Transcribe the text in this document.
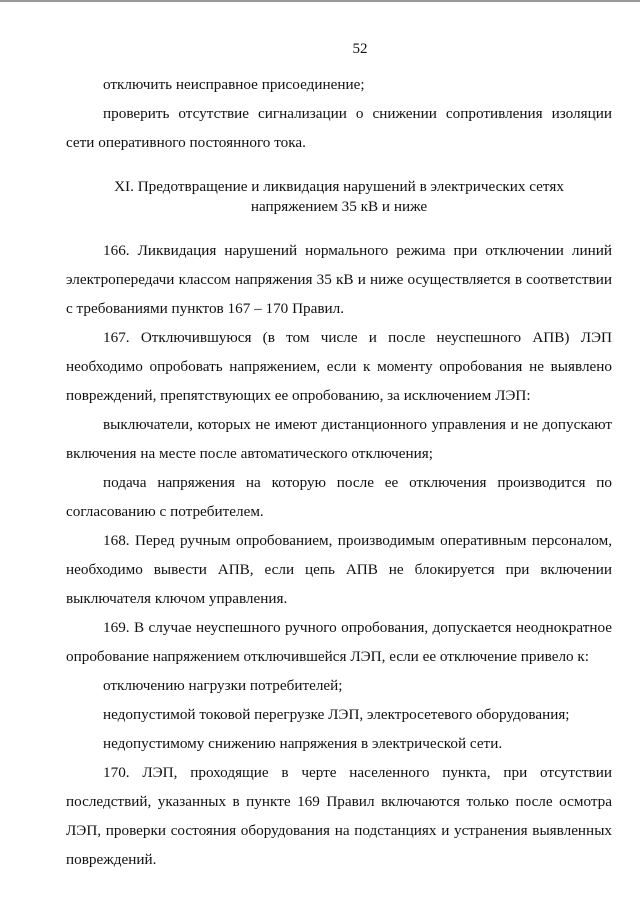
52

отключить неисправное присоединение;

проверить отсутствие сигнализации о снижении сопротивления изоляции сети оперативного постоянного тока.

XI. Предотвращение и ликвидация нарушений в электрических сетях
напряжением 35 кВ и ниже

166. Ликвидация нарушений нормального режима при отключении линий электропередачи классом напряжения 35 кВ и ниже осуществляется в соответствии с требованиями пунктов 167 – 170 Правил.

167. Отключившуюся (в том числе и после неуспешного АПВ) ЛЭП необходимо опробовать напряжением, если к моменту опробования не выявлено повреждений, препятствующих ее опробованию, за исключением ЛЭП:

выключатели, которых не имеют дистанционного управления и не допускают включения на месте после автоматического отключения;

подача напряжения на которую после ее отключения производится по согласованию с потребителем.

168. Перед ручным опробованием, производимым оперативным персоналом, необходимо вывести АПВ, если цепь АПВ не блокируется при включении выключателя ключом управления.

169. В случае неуспешного ручного опробования, допускается неоднократное опробование напряжением отключившейся ЛЭП, если ее отключение привело к:

отключению нагрузки потребителей;

недопустимой токовой перегрузке ЛЭП, электросетевого оборудования;

недопустимому снижению напряжения в электрической сети.

170. ЛЭП, проходящие в черте населенного пункта, при отсутствии последствий, указанных в пункте 169 Правил включаются только после осмотра ЛЭП, проверки состояния оборудования на подстанциях и устранения выявленных повреждений.
